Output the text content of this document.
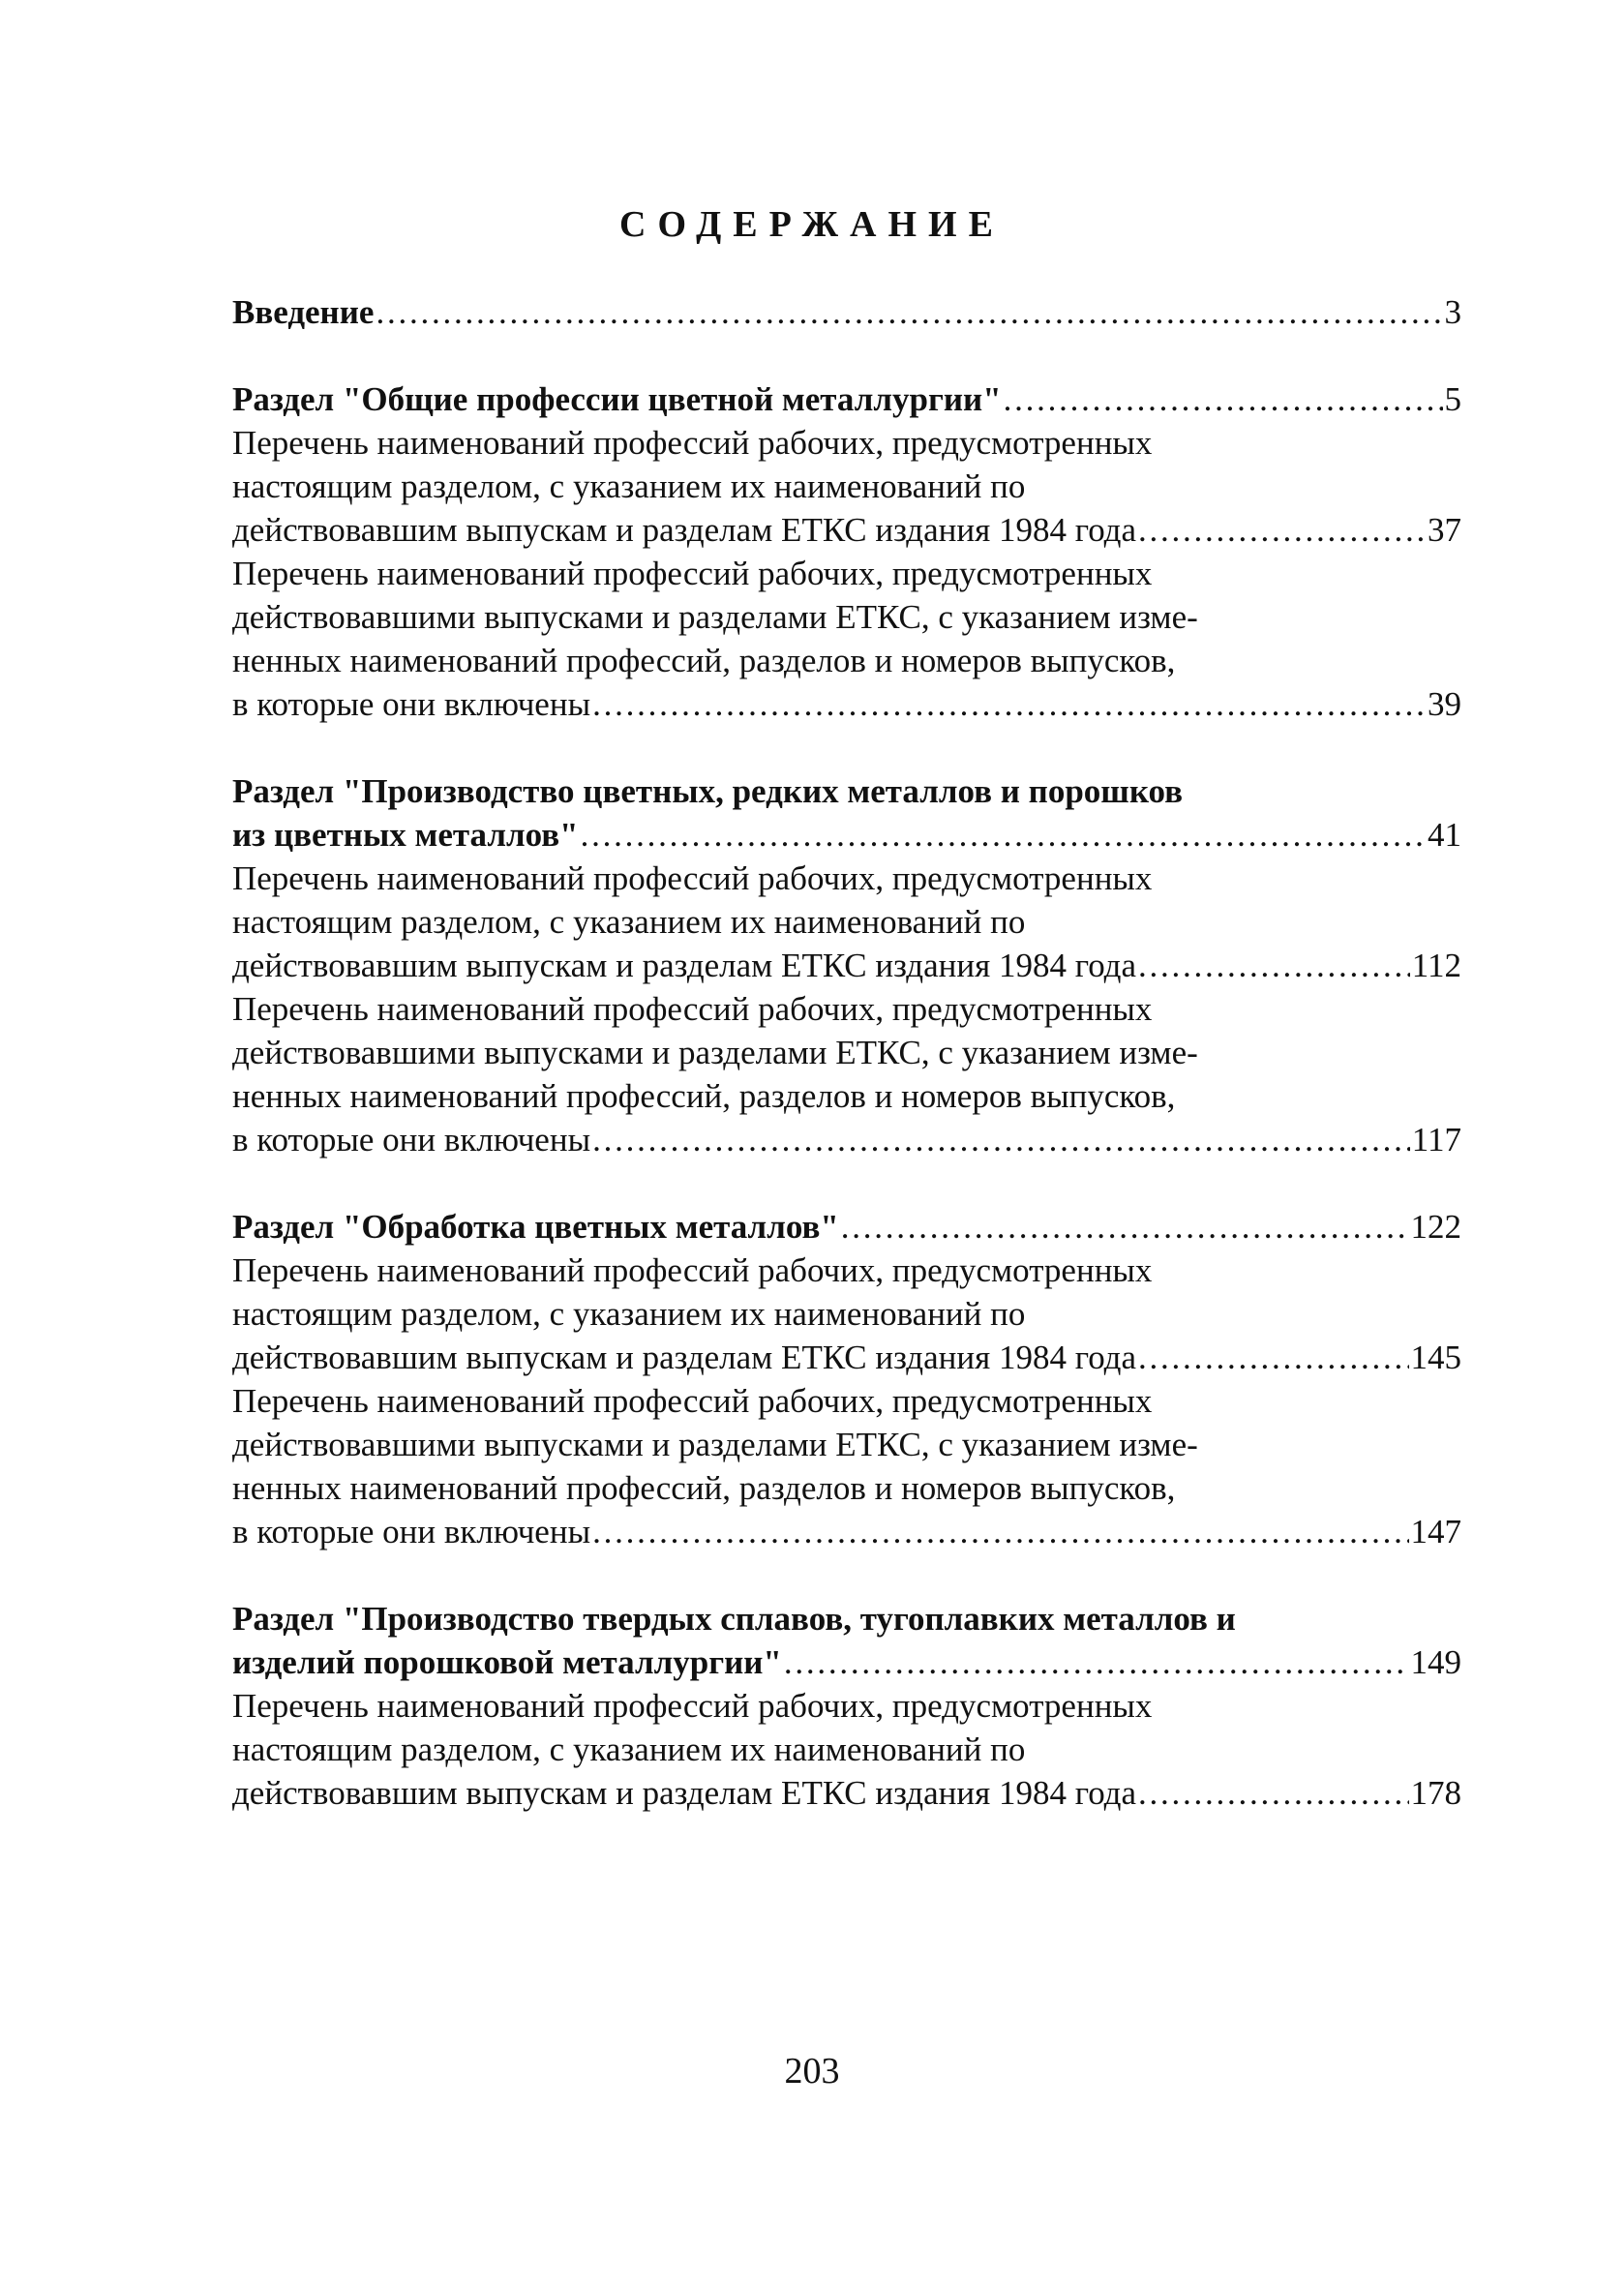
СОДЕРЖАНИЕ
Введение . . .	3
Раздел "Общие профессии цветной металлургии" . . .	5
Перечень наименований профессий рабочих, предусмотренных
настоящим разделом, с указанием их наименований по
действовавшим выпускам и разделам ЕТКС издания 1984 года . . .	37
Перечень наименований профессий рабочих, предусмотренных
действовавшими выпусками и разделами ЕТКС, с указанием изме-
ненных наименований профессий, разделов и номеров выпусков,
в которые они включены . . .	39
Раздел "Производство цветных, редких металлов и порошков
из цветных металлов" . . .	41
Перечень наименований профессий рабочих, предусмотренных
настоящим разделом, с указанием их наименований по
действовавшим выпускам и разделам ЕТКС издания 1984 года . . .	112
Перечень наименований профессий рабочих, предусмотренных
действовавшими выпусками и разделами ЕТКС, с указанием изме-
ненных наименований профессий, разделов и номеров выпусков,
в которые они включены . . .	117
Раздел "Обработка цветных металлов" . . .	122
Перечень наименований профессий рабочих, предусмотренных
настоящим разделом, с указанием их наименований по
действовавшим выпускам и разделам ЕТКС издания 1984 года . . .	145
Перечень наименований профессий рабочих, предусмотренных
действовавшими выпусками и разделами ЕТКС, с указанием изме-
ненных наименований профессий, разделов и номеров выпусков,
в которые они включены . . .	147
Раздел "Производство твердых сплавов, тугоплавких металлов и
изделий порошковой металлургии" . . .	149
Перечень наименований профессий рабочих, предусмотренных
настоящим разделом, с указанием их наименований по
действовавшим выпускам и разделам ЕТКС издания 1984 года . . .	178
203
